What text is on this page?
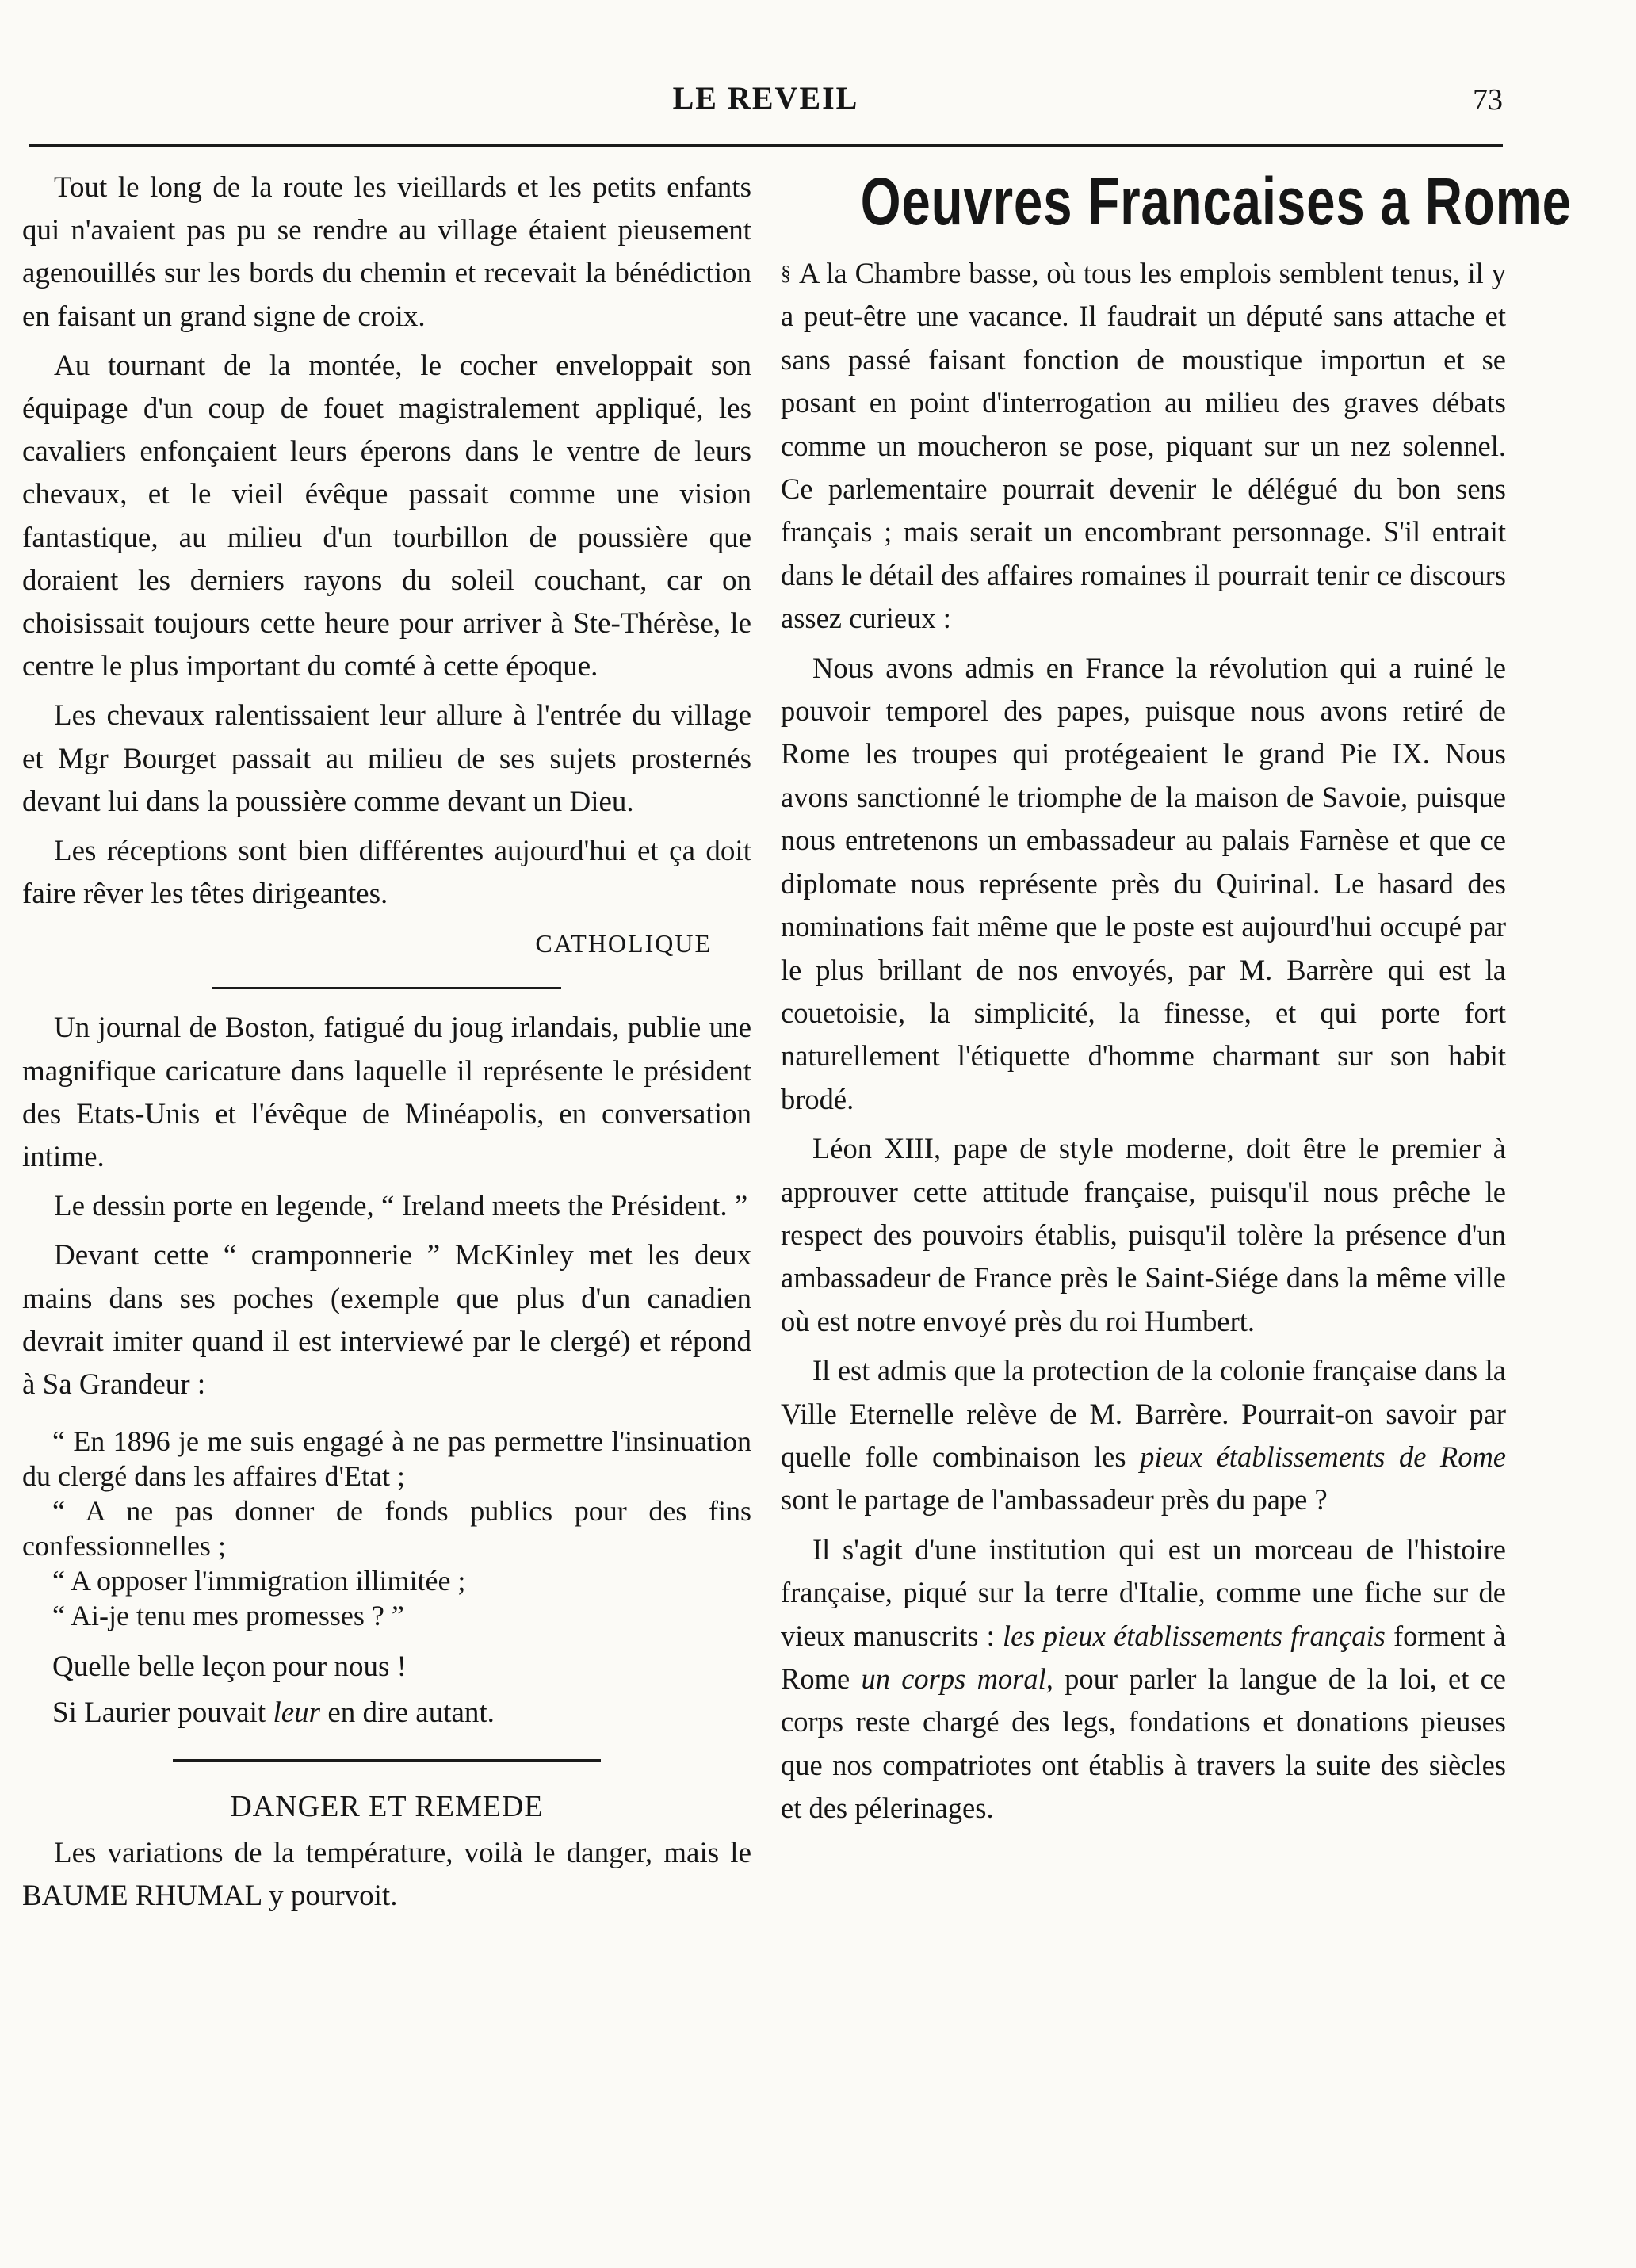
LE REVEIL	73

Tout le long de la route les vieillards et les petits enfants qui n'avaient pas pu se rendre au village étaient pieusement agenouillés sur les bords du chemin et recevait la bénédiction en faisant un grand signe de croix.

Au tournant de la montée, le cocher enveloppait son équipage d'un coup de fouet magistralement appliqué, les cavaliers enfonçaient leurs éperons dans le ventre de leurs chevaux, et le vieil évêque passait comme une vision fantastique, au milieu d'un tourbillon de poussière que doraient les derniers rayons du soleil couchant, car on choisissait toujours cette heure pour arriver à Ste-Thérèse, le centre le plus important du comté à cette époque.

Les chevaux ralentissaient leur allure à l'entrée du village et Mgr Bourget passait au milieu de ses sujets prosternés devant lui dans la poussière comme devant un Dieu.

Les réceptions sont bien différentes aujourd'hui et ça doit faire rêver les têtes dirigeantes.

CATHOLIQUE

Un journal de Boston, fatigué du joug irlandais, publie une magnifique caricature dans laquelle il représente le président des Etats-Unis et l'évêque de Minéapolis, en conversation intime.

Le dessin porte en legende, “ Ireland meets the Président. ”

Devant cette “ cramponnerie ” McKinley met les deux mains dans ses poches (exemple que plus d'un canadien devrait imiter quand il est interviewé par le clergé) et répond à Sa Grandeur :

“ En 1896 je me suis engagé à ne pas permettre l'insinuation du clergé dans les affaires d'Etat ;

“ A ne pas donner de fonds publics pour des fins confessionnelles ;

“ A opposer l'immigration illimitée ;

“ Ai-je tenu mes promesses ? ”

Quelle belle leçon pour nous !

Si Laurier pouvait leur en dire autant.

DANGER ET REMEDE

Les variations de la température, voilà le danger, mais le BAUME RHUMAL y pourvoit.

Oeuvres Francaises a Rome

§ A la Chambre basse, où tous les emplois semblent tenus, il y a peut-être une vacance. Il faudrait un député sans attache et sans passé faisant fonction de moustique importun et se posant en point d'interrogation au milieu des graves débats comme un moucheron se pose, piquant sur un nez solennel. Ce parlementaire pourrait devenir le délégué du bon sens français ; mais serait un encombrant personnage. S'il entrait dans le détail des affaires romaines il pourrait tenir ce discours assez curieux :

Nous avons admis en France la révolution qui a ruiné le pouvoir temporel des papes, puisque nous avons retiré de Rome les troupes qui protégeaient le grand Pie IX. Nous avons sanctionné le triomphe de la maison de Savoie, puisque nous entretenons un embassadeur au palais Farnèse et que ce diplomate nous représente près du Quirinal. Le hasard des nominations fait même que le poste est aujourd'hui occupé par le plus brillant de nos envoyés, par M. Barrère qui est la couetoisie, la simplicité, la finesse, et qui porte fort naturellement l'étiquette d'homme charmant sur son habit brodé.

Léon XIII, pape de style moderne, doit être le premier à approuver cette attitude française, puisqu'il nous prêche le respect des pouvoirs établis, puisqu'il tolère la présence d'un ambassadeur de France près le Saint-Siége dans la même ville où est notre envoyé près du roi Humbert.

Il est admis que la protection de la colonie française dans la Ville Eternelle relève de M. Barrère. Pourrait-on savoir par quelle folle combinaison les pieux établissements de Rome sont le partage de l'ambassadeur près du pape ?

Il s'agit d'une institution qui est un morceau de l'histoire française, piqué sur la terre d'Italie, comme une fiche sur de vieux manuscrits : les pieux établissements français forment à Rome un corps moral, pour parler la langue de la loi, et ce corps reste chargé des legs, fondations et donations pieuses que nos compatriotes ont établis à travers la suite des siècles et des pélerinages.
